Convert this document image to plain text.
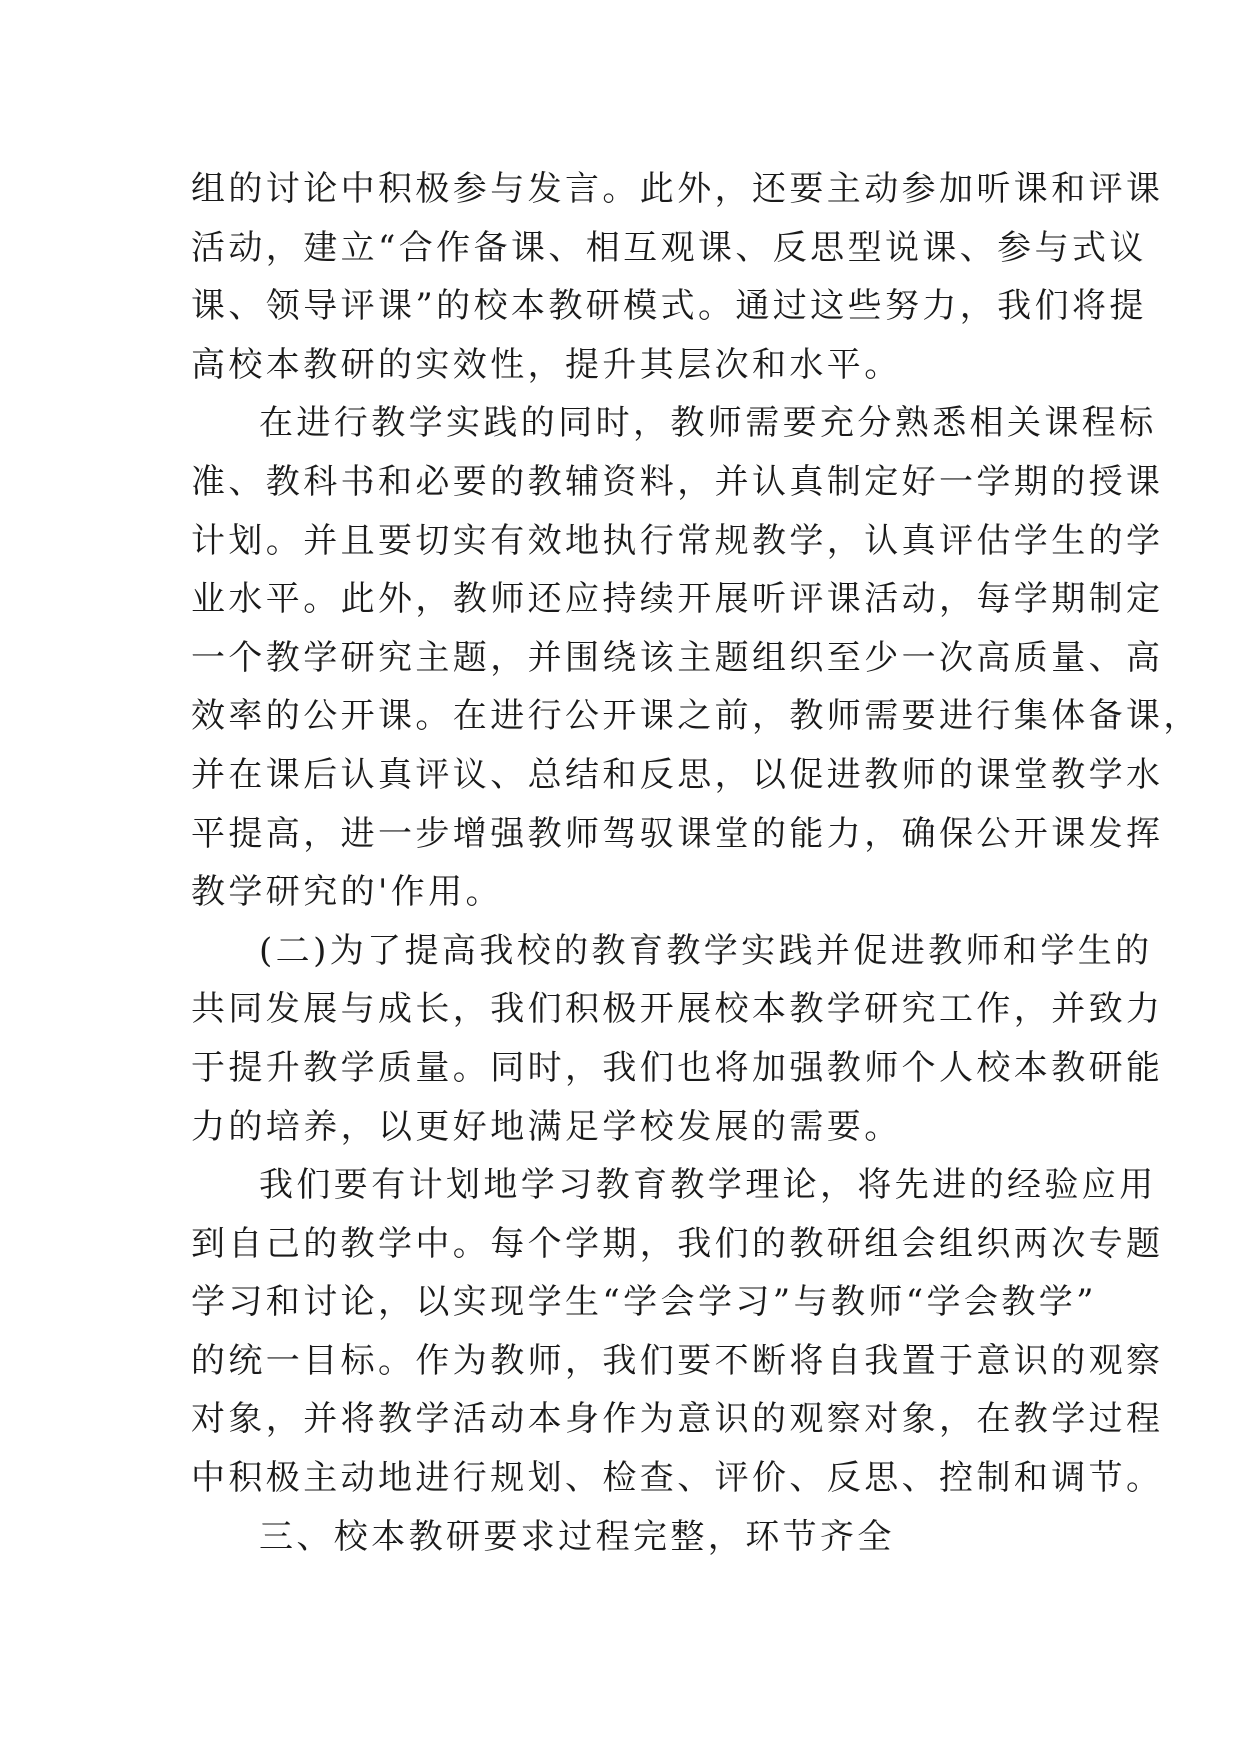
组的讨论中积极参与发言。此外，还要主动参加听课和评课
活动，建立“合作备课、相互观课、反思型说课、参与式议
课、领导评课”的校本教研模式。通过这些努力，我们将提
高校本教研的实效性，提升其层次和水平。
在进行教学实践的同时，教师需要充分熟悉相关课程标
准、教科书和必要的教辅资料，并认真制定好一学期的授课
计划。并且要切实有效地执行常规教学，认真评估学生的学
业水平。此外，教师还应持续开展听评课活动，每学期制定
一个教学研究主题，并围绕该主题组织至少一次高质量、高
效率的公开课。在进行公开课之前，教师需要进行集体备课，
并在课后认真评议、总结和反思，以促进教师的课堂教学水
平提高，进一步增强教师驾驭课堂的能力，确保公开课发挥
教学研究的'作用。
(二)为了提高我校的教育教学实践并促进教师和学生的
共同发展与成长，我们积极开展校本教学研究工作，并致力
于提升教学质量。同时，我们也将加强教师个人校本教研能
力的培养，以更好地满足学校发展的需要。
我们要有计划地学习教育教学理论，将先进的经验应用
到自己的教学中。每个学期，我们的教研组会组织两次专题
学习和讨论，以实现学生“学会学习”与教师“学会教学”
的统一目标。作为教师，我们要不断将自我置于意识的观察
对象，并将教学活动本身作为意识的观察对象，在教学过程
中积极主动地进行规划、检查、评价、反思、控制和调节。
三、校本教研要求过程完整，环节齐全
